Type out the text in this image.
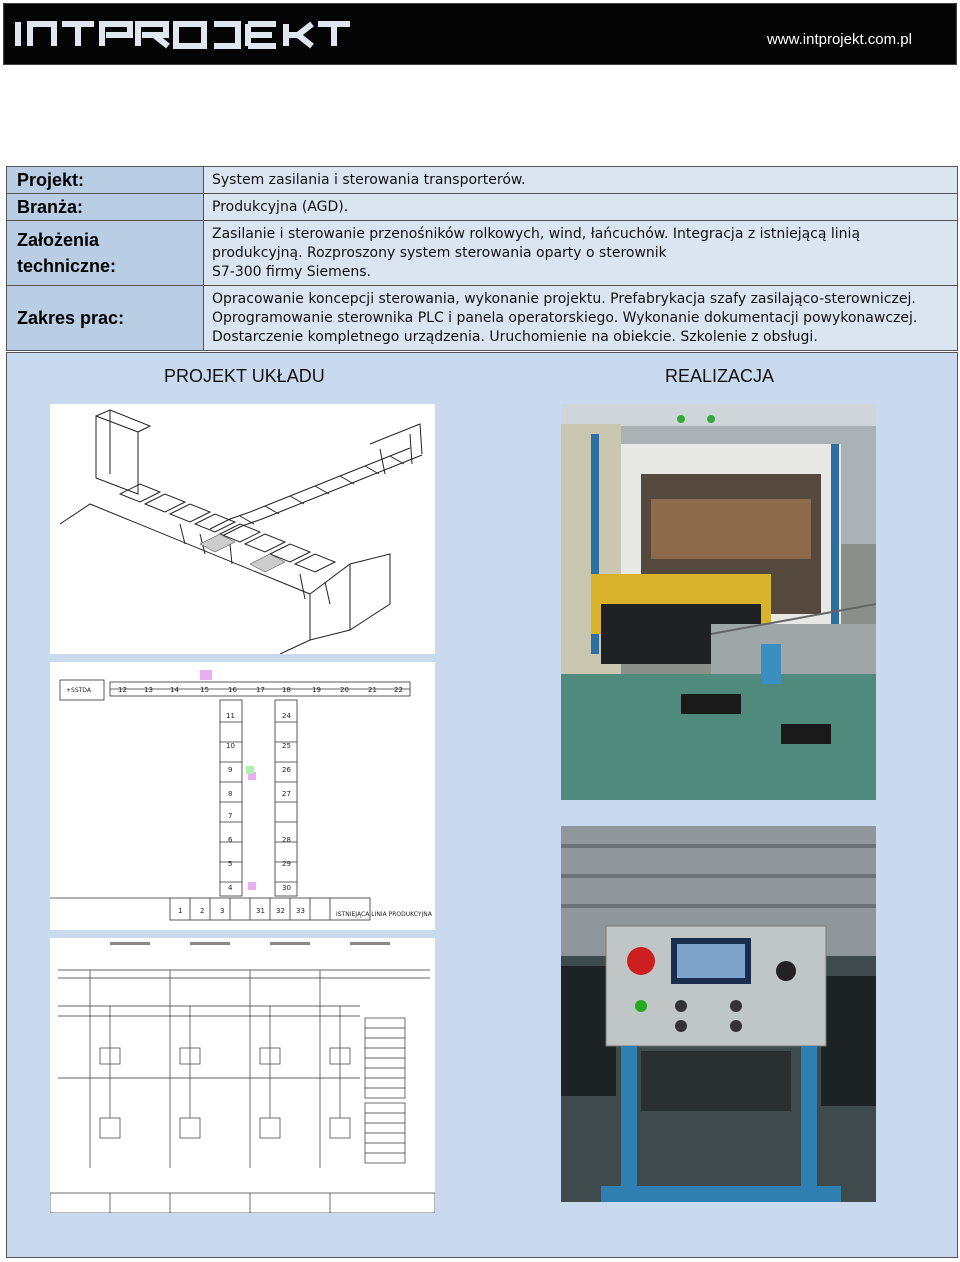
www.intprojekt.com.pl
Projekt:	System zasilania i sterowania transporterów.
Branża:	Produkcyjna (AGD).
Założenia
techniczne:	Zasilanie i sterowanie przenośników rolkowych, wind, łańcuchów. Integracja z istniejącą linią
produkcyjną. Rozproszony system sterowania oparty o sterownik
S7-300 firmy Siemens.
Zakres prac:	Opracowanie koncepcji sterowania, wykonanie projektu. Prefabrykacja szafy zasilająco-sterowniczej.
Oprogramowanie sterownika PLC i panela operatorskiego. Wykonanie dokumentacji powykonawczej.
Dostarczenie kompletnego urządzenia. Uruchomienie na obiekcie. Szkolenie z obsługi.
PROJEKT UKŁADU	REALIZACJA
+SSTDA	12 13 14	15	16	17 18	19	20	21 22
11
10
9
8
7
6
5
4
24
25
26
27
28
29
30
1	2 3	31 32 33	ISTNIEJĄCA LINIA PRODUKCYJNA
